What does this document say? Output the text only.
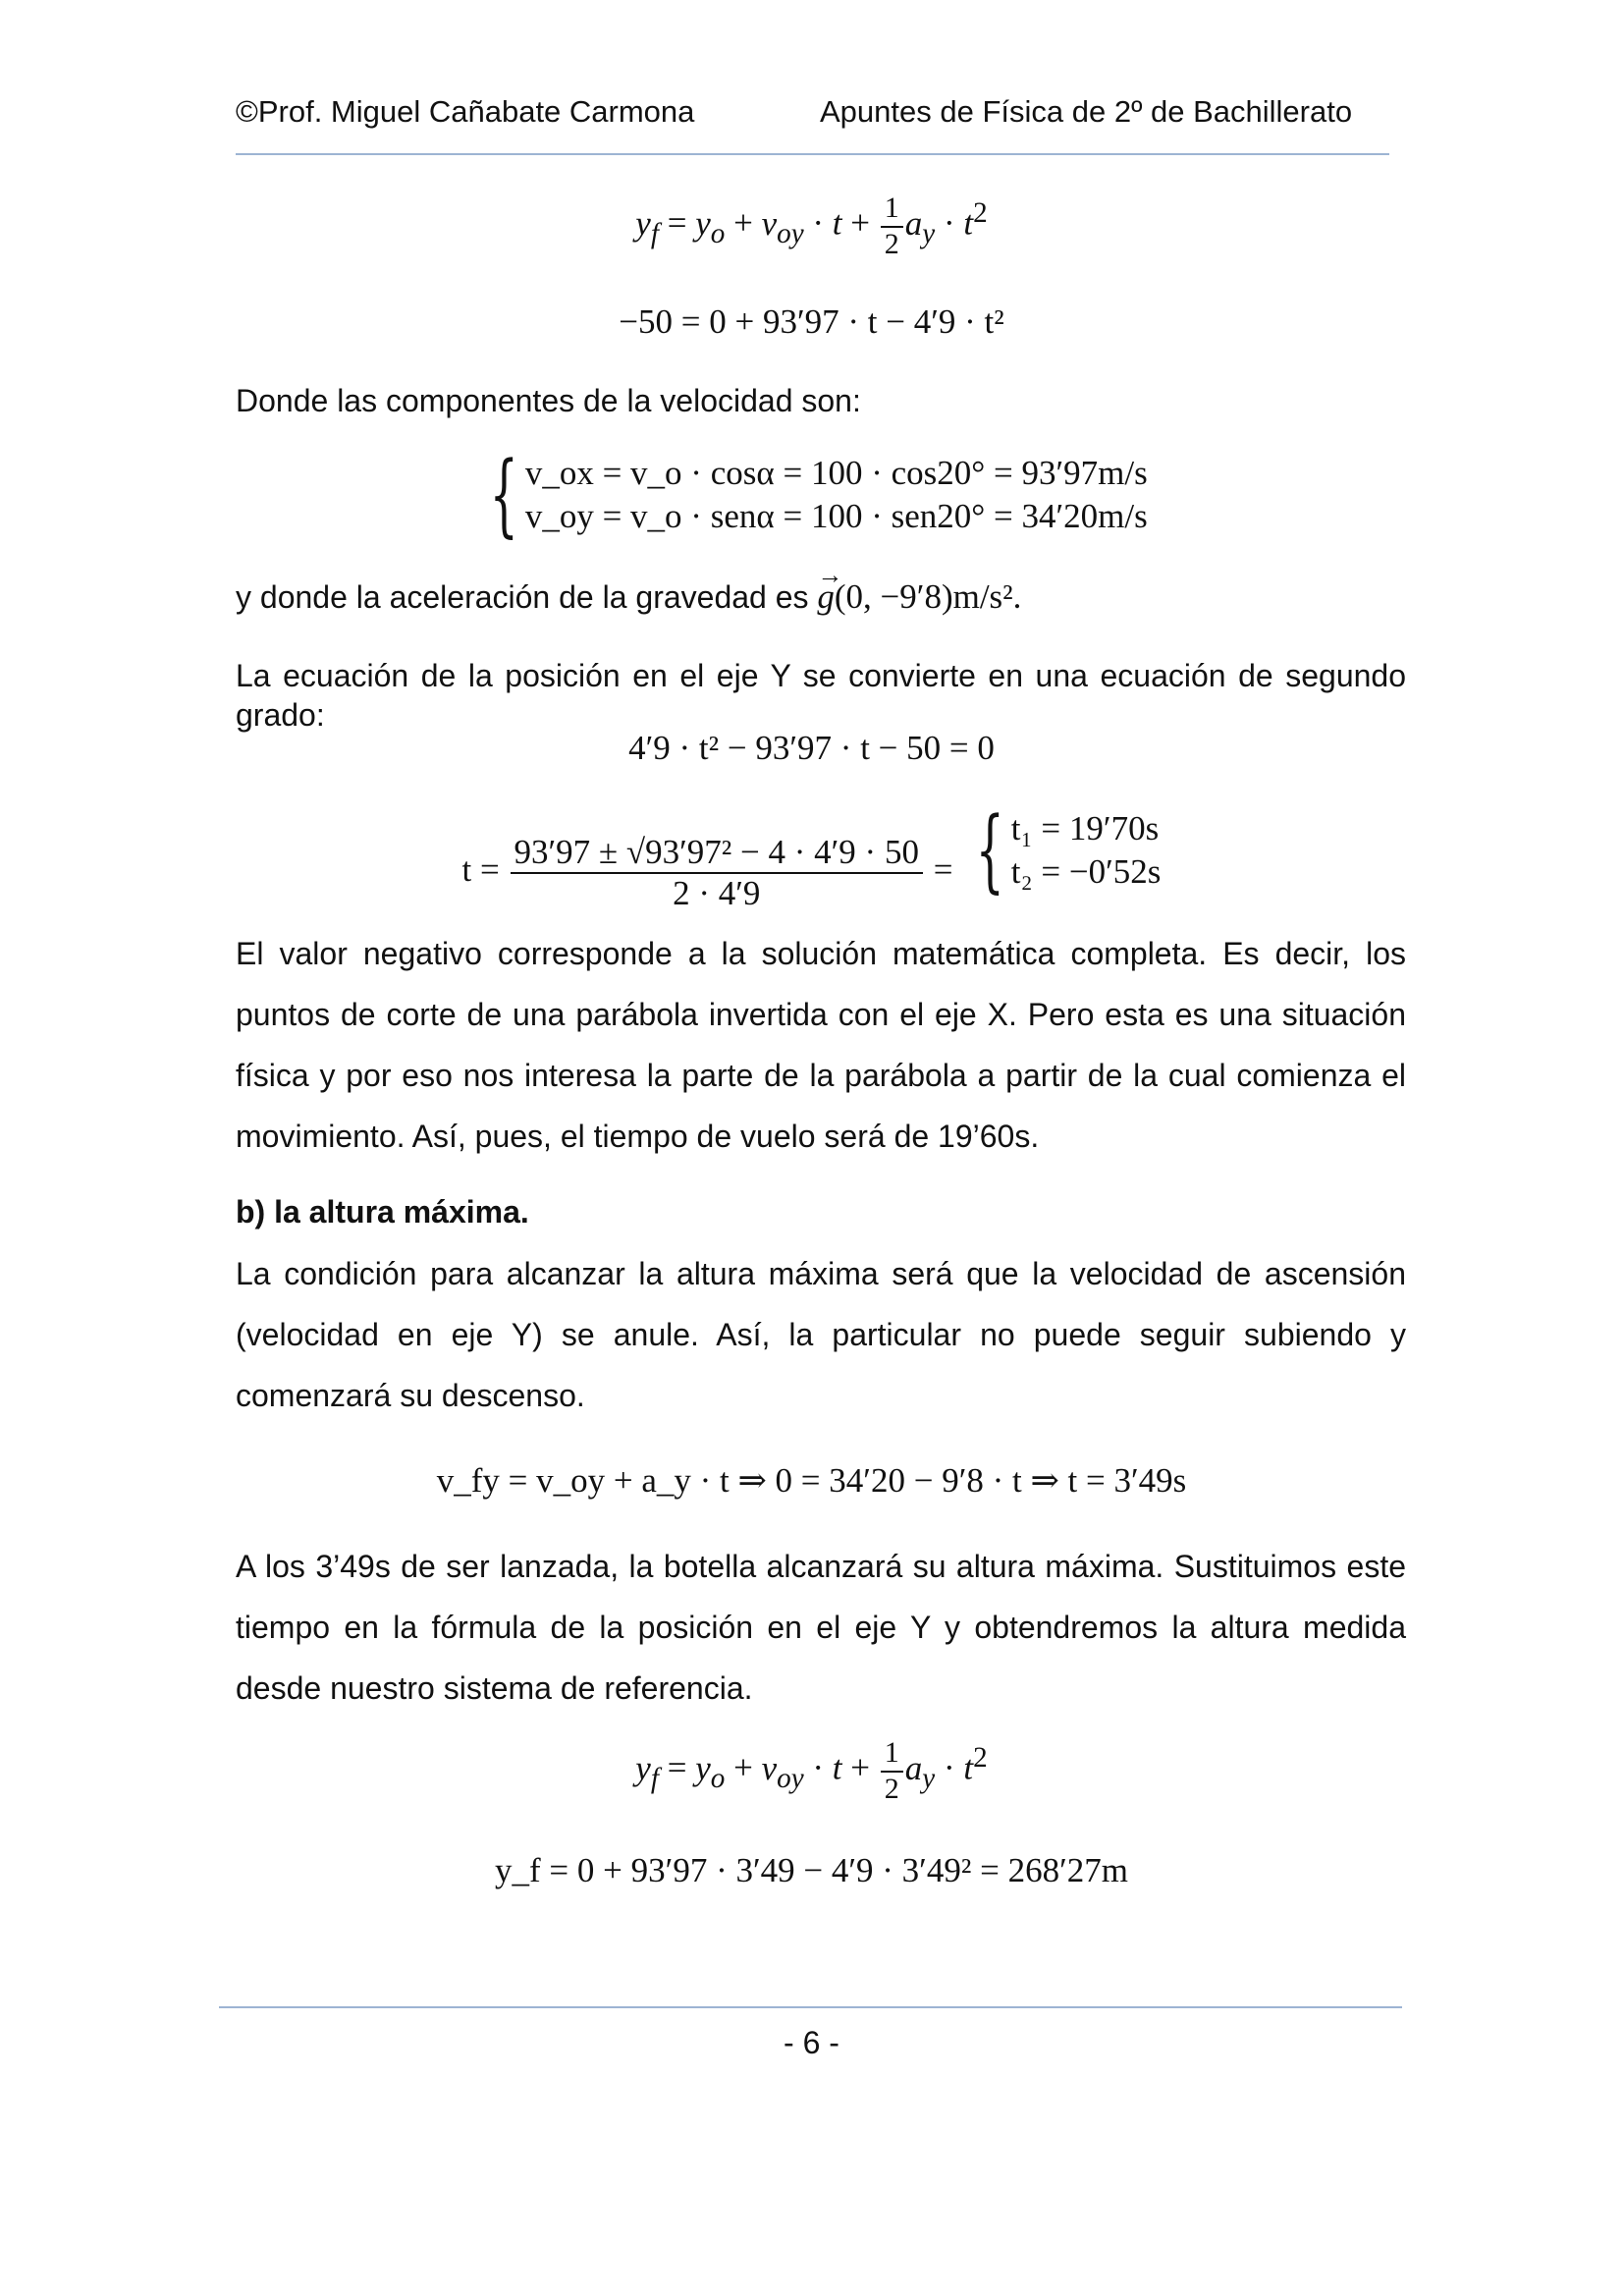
©Prof. Miguel Cañabate Carmona	Apuntes de Física de 2º de Bachillerato
$y_f = y_o + v_{oy} \cdot t + \frac{1}{2} a_y \cdot t^2$
−50 = 0 + 93′97 · t − 4′9 · t²
Donde las componentes de la velocidad son:
{ v_ox = v_o · cosα = 100 · cos20° = 93′97m/s
v_oy = v_o · senα = 100 · sen20° = 34′20m/s
y donde la aceleración de la gravedad es → g(0, −9′8)m/s².
La ecuación de la posición en el eje Y se convierte en una ecuación de segundo grado:
4′9 · t² − 93′97 · t − 50 = 0
$t = \frac{\text{93′97 ± √93′97² − 4 · 4′9 · 50}}{2 \cdot 4'9}$ = { t₁ = 19′70s
t₂ = −0′52s
El valor negativo corresponde a la solución matemática completa. Es decir, los puntos de corte de una parábola invertida con el eje X. Pero esta es una situación física y por eso nos interesa la parte de la parábola a partir de la cual comienza el movimiento. Así, pues, el tiempo de vuelo será de 19’60s.
b) la altura máxima.
La condición para alcanzar la altura máxima será que la velocidad de ascensión (velocidad en eje Y) se anule. Así, la particular no puede seguir subiendo y comenzará su descenso.
v_fy = v_oy + a_y · t ⇒ 0 = 34′20 − 9′8 · t ⇒ t = 3′49s
A los 3’49s de ser lanzada, la botella alcanzará su altura máxima. Sustituimos este tiempo en la fórmula de la posición en el eje Y y obtendremos la altura medida desde nuestro sistema de referencia.
$y_f = y_o + v_{oy} \cdot t + \frac{1}{2} a_y \cdot t^2$
y_f = 0 + 93′97 · 3′49 − 4′9 · 3′49² = 268′27m
- 6 -
